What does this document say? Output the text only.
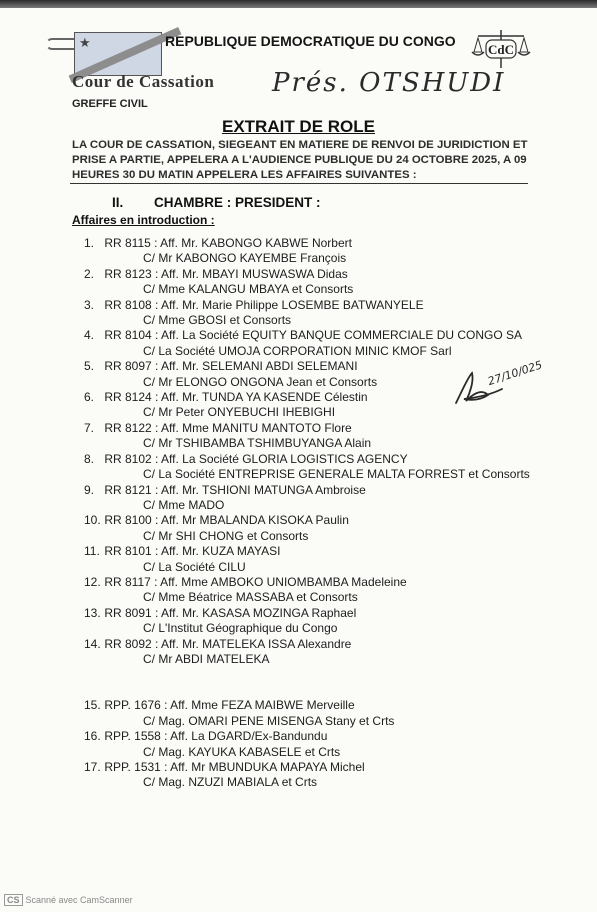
★
Cour de Cassation
GREFFE CIVIL
REPUBLIQUE DEMOCRATIQUE DU CONGO
CdC
Prés. OTSHUDI
EXTRAIT DE ROLE

LA COUR DE CASSATION, SIEGEANT EN MATIERE DE RENVOI DE JURIDICTION ET PRISE A PARTIE, APPELERA A L'AUDIENCE PUBLIQUE DU 24 OCTOBRE 2025, A 09 HEURES 30 DU MATIN APPELERA LES AFFAIRES SUIVANTES :

II. CHAMBRE : PRESIDENT :
Affaires en introduction :
1. RR 8115 : Aff. Mr. KABONGO KABWE Norbert
C/ Mr KABONGO KAYEMBE François
2. RR 8123 : Aff. Mr. MBAYI MUSWASWA Didas
C/ Mme KALANGU MBAYA et Consorts
3. RR 8108 : Aff. Mr. Marie Philippe LOSEMBE BATWANYELE
C/ Mme GBOSI et Consorts
4. RR 8104 : Aff. La Société EQUITY BANQUE COMMERCIALE DU CONGO SA
C/ La Société UMOJA CORPORATION MINIC KMOF Sarl
5. RR 8097 : Aff. Mr. SELEMANI ABDI SELEMANI
C/ Mr ELONGO ONGONA Jean et Consorts
6. RR 8124 : Aff. Mr. TUNDA YA KASENDE Célestin
C/ Mr Peter ONYEBUCHI IHEBIGHI
7. RR 8122 : Aff. Mme MANITU MANTOTO Flore
C/ Mr TSHIBAMBA TSHIMBUYANGA Alain
8. RR 8102 : Aff. La Société GLORIA LOGISTICS AGENCY
C/ La Société ENTREPRISE GENERALE MALTA FORREST et Consorts
9. RR 8121 : Aff. Mr. TSHIONI MATUNGA Ambroise
C/ Mme MADO
10. RR 8100 : Aff. Mr MBALANDA KISOKA Paulin
C/ Mr SHI CHONG et Consorts
11. RR 8101 : Aff. Mr. KUZA MAYASI
C/ La Société CILU
12. RR 8117 : Aff. Mme AMBOKO UNIOMBAMBA Madeleine
C/ Mme Béatrice MASSABA et Consorts
13. RR 8091 : Aff. Mr. KASASA MOZINGA Raphael
C/ L'Institut Géographique du Congo
14. RR 8092 : Aff. Mr. MATELEKA ISSA Alexandre
C/ Mr ABDI MATELEKA
15. RPP. 1676 : Aff. Mme FEZA MAIBWE Merveille
C/ Mag. OMARI PENE MISENGA Stany et Crts
16. RPP. 1558 : Aff. La DGARD/Ex-Bandundu
C/ Mag. KAYUKA KABASELE et Crts
17. RPP. 1531 : Aff. Mr MBUNDUKA MAPAYA Michel
C/ Mag. NZUZI MABIALA et Crts
27/10/025
CS Scanné avec CamScanner
